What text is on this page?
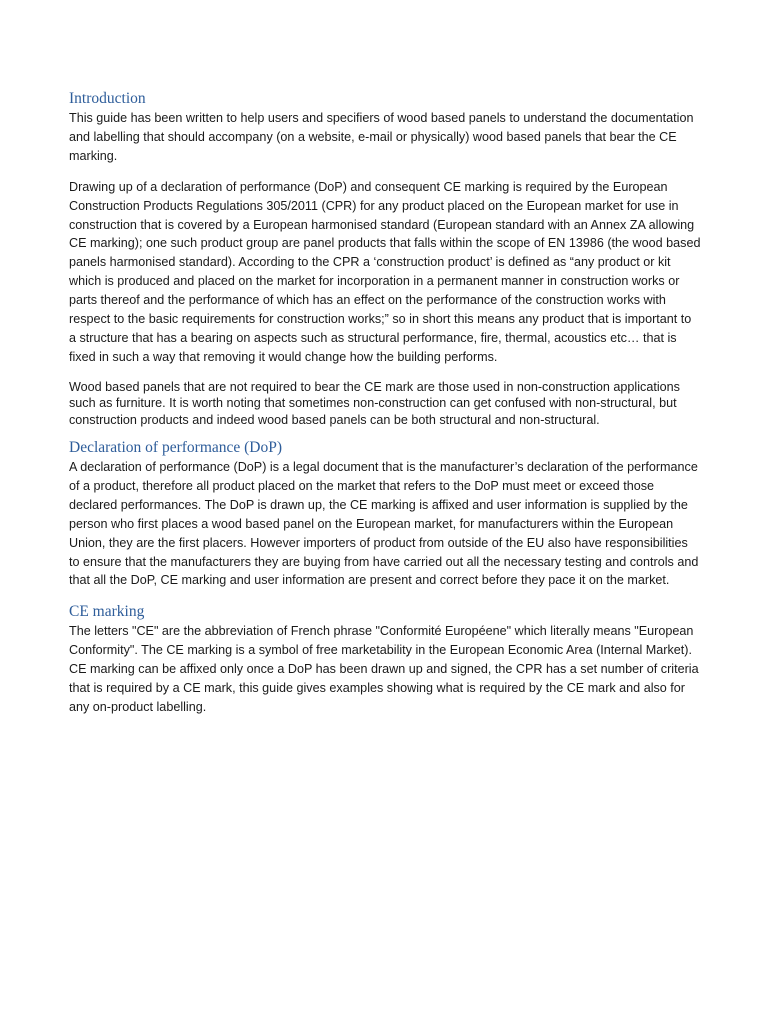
Introduction

This guide has been written to help users and specifiers of wood based panels to understand the documentation and labelling that should accompany (on a website, e-mail or physically) wood based panels that bear the CE marking.

Drawing up of a declaration of performance (DoP) and consequent CE marking is required by the European Construction Products Regulations 305/2011 (CPR) for any product placed on the European market for use in construction that is covered by a European harmonised standard (European standard with an Annex ZA allowing CE marking); one such product group are panel products that falls within the scope of EN 13986 (the wood based panels harmonised standard). According to the CPR a ‘construction product’ is defined as “any product or kit which is produced and placed on the market for incorporation in a permanent manner in construction works or parts thereof and the performance of which has an effect on the performance of the construction works with respect to the basic requirements for construction works;” so in short this means any product that is important to a structure that has a bearing on aspects such as structural performance, fire, thermal, acoustics etc… that is fixed in such a way that removing it would change how the building performs.

Wood based panels that are not required to bear the CE mark are those used in non-construction applications such as furniture. It is worth noting that sometimes non-construction can get confused with non-structural, but construction products and indeed wood based panels can be both structural and non-structural.

Declaration of performance (DoP)

A declaration of performance (DoP) is a legal document that is the manufacturer’s declaration of the performance of a product, therefore all product placed on the market that refers to the DoP must meet or exceed those declared performances. The DoP is drawn up, the CE marking is affixed and user information is supplied by the person who first places a wood based panel on the European market, for manufacturers within the European Union, they are the first placers. However importers of product from outside of the EU also have responsibilities to ensure that the manufacturers they are buying from have carried out all the necessary testing and controls and that all the DoP, CE marking and user information are present and correct before they pace it on the market.

CE marking

The letters "CE" are the abbreviation of French phrase "Conformité Européene" which literally means "European Conformity". The CE marking is a symbol of free marketability in the European Economic Area (Internal Market). CE marking can be affixed only once a DoP has been drawn up and signed, the CPR has a set number of criteria that is required by a CE mark, this guide gives examples showing what is required by the CE mark and also for any on-product labelling.
